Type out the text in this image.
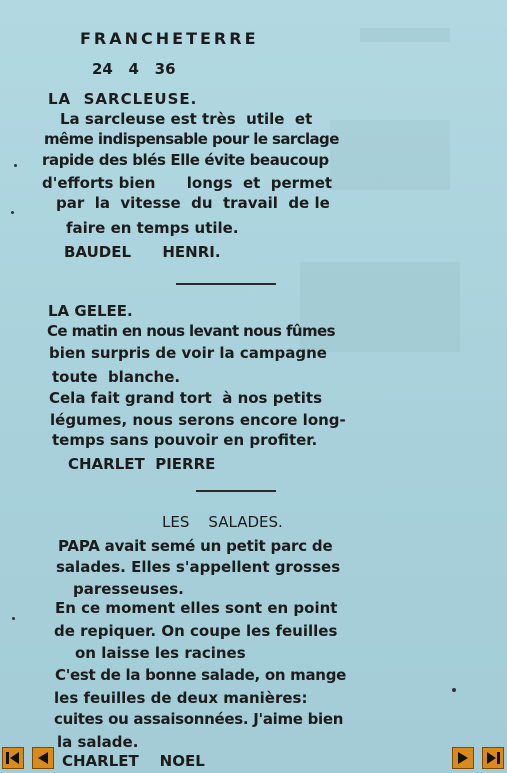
FRANCHETERRE
24   4   36
LA  SARCLEUSE.
La sarcleuse est très  utile  et
même indispensable pour le sarclage
rapide des blés Elle évite beaucoup
d'efforts bien      longs  et  permet
par  la  vitesse  du  travail  de le
faire en temps utile.
BAUDEL      HENRI.
LA GELEE.
Ce matin en nous levant nous fûmes
bien surpris de voir la campagne
toute  blanche.
Cela fait grand tort  à nos petits
légumes, nous serons encore long-
temps sans pouvoir en profiter.
CHARLET  PIERRE
LES    SALADES.
PAPA avait semé un petit parc de
salades. Elles s'appellent grosses
paresseuses.
En ce moment elles sont en point
de repiquer. On coupe les feuilles
on laisse les racines
C'est de la bonne salade, on mange
les feuilles de deux manières:
cuites ou assaisonnées. J'aime bien
la salade.
CHARLET    NOEL
